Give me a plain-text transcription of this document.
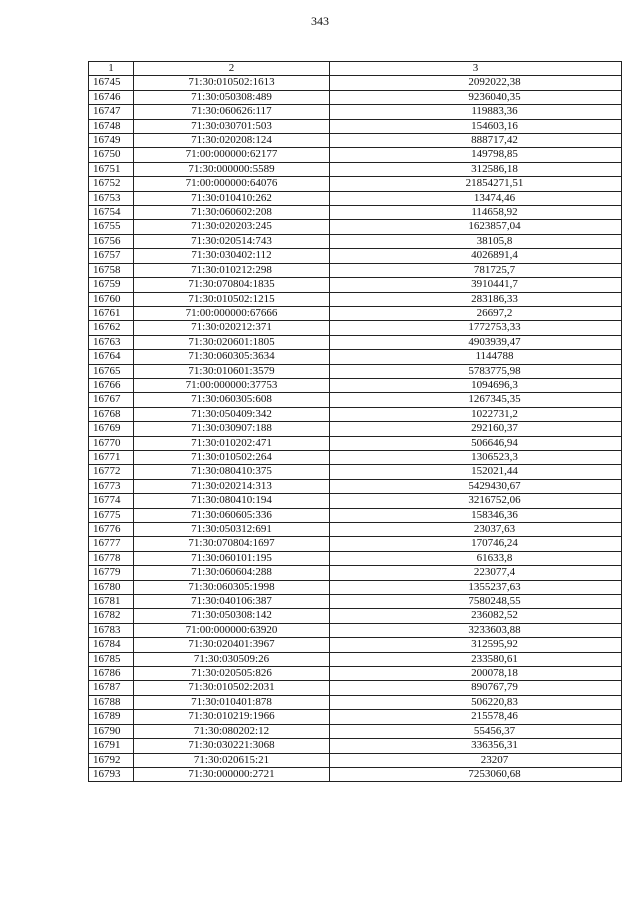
343
1	2	3
16745	71:30:010502:1613	2092022,38
16746	71:30:050308:489	9236040,35
16747	71:30:060626:117	119883,36
16748	71:30:030701:503	154603,16
16749	71:30:020208:124	888717,42
16750	71:00:000000:62177	149798,85
16751	71:30:000000:5589	312586,18
16752	71:00:000000:64076	21854271,51
16753	71:30:010410:262	13474,46
16754	71:30:060602:208	114658,92
16755	71:30:020203:245	1623857,04
16756	71:30:020514:743	38105,8
16757	71:30:030402:112	4026891,4
16758	71:30:010212:298	781725,7
16759	71:30:070804:1835	3910441,7
16760	71:30:010502:1215	283186,33
16761	71:00:000000:67666	26697,2
16762	71:30:020212:371	1772753,33
16763	71:30:020601:1805	4903939,47
16764	71:30:060305:3634	1144788
16765	71:30:010601:3579	5783775,98
16766	71:00:000000:37753	1094696,3
16767	71:30:060305:608	1267345,35
16768	71:30:050409:342	1022731,2
16769	71:30:030907:188	292160,37
16770	71:30:010202:471	506646,94
16771	71:30:010502:264	1306523,3
16772	71:30:080410:375	152021,44
16773	71:30:020214:313	5429430,67
16774	71:30:080410:194	3216752,06
16775	71:30:060605:336	158346,36
16776	71:30:050312:691	23037,63
16777	71:30:070804:1697	170746,24
16778	71:30:060101:195	61633,8
16779	71:30:060604:288	223077,4
16780	71:30:060305:1998	1355237,63
16781	71:30:040106:387	7580248,55
16782	71:30:050308:142	236082,52
16783	71:00:000000:63920	3233603,88
16784	71:30:020401:3967	312595,92
16785	71:30:030509:26	233580,61
16786	71:30:020505:826	200078,18
16787	71:30:010502:2031	890767,79
16788	71:30:010401:878	506220,83
16789	71:30:010219:1966	215578,46
16790	71:30:080202:12	55456,37
16791	71:30:030221:3068	336356,31
16792	71:30:020615:21	23207
16793	71:30:000000:2721	7253060,68
